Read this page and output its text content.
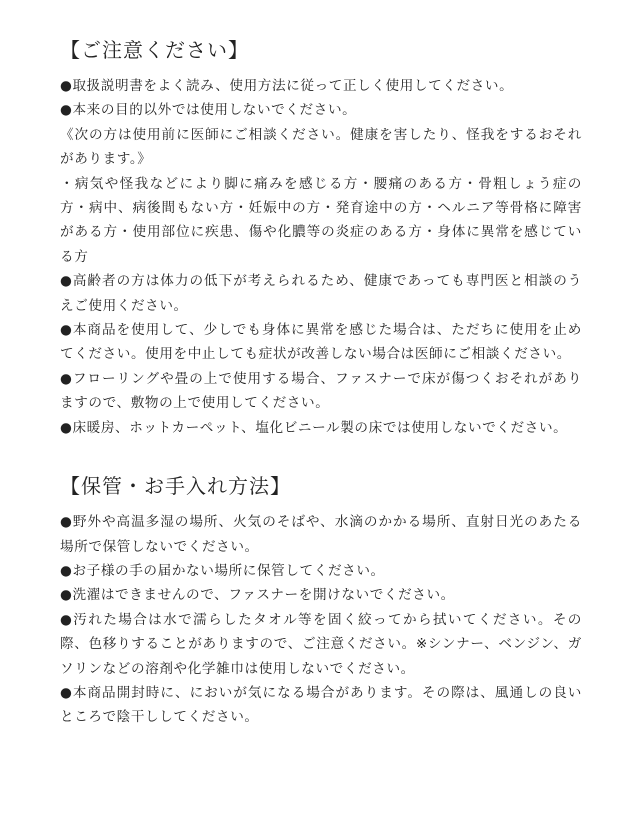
【ご注意ください】

●取扱説明書をよく読み、使用方法に従って正しく使用してください。

●本来の目的以外では使用しないでください。

《次の方は使用前に医師にご相談ください。健康を害したり、怪我をするおそれがあります。》

・病気や怪我などにより脚に痛みを感じる方・腰痛のある方・骨粗しょう症の方・病中、病後間もない方・妊娠中の方・発育途中の方・ヘルニア等骨格に障害がある方・使用部位に疾患、傷や化膿等の炎症のある方・身体に異常を感じている方

●高齢者の方は体力の低下が考えられるため、健康であっても専門医と相談のうえご使用ください。

●本商品を使用して、少しでも身体に異常を感じた場合は、ただちに使用を止めてください。使用を中止しても症状が改善しない場合は医師にご相談ください。

●フローリングや畳の上で使用する場合、ファスナーで床が傷つくおそれがありますので、敷物の上で使用してください。

●床暖房、ホットカーペット、塩化ビニール製の床では使用しないでください。

【保管・お手入れ方法】

●野外や高温多湿の場所、火気のそばや、水滴のかかる場所、直射日光のあたる場所で保管しないでください。

●お子様の手の届かない場所に保管してください。

●洗濯はできませんので、ファスナーを開けないでください。

●汚れた場合は水で濡らしたタオル等を固く絞ってから拭いてください。その際、色移りすることがありますので、ご注意ください。※シンナー、ベンジン、ガソリンなどの溶剤や化学雑巾は使用しないでください。

●本商品開封時に、においが気になる場合があります。その際は、風通しの良いところで陰干ししてください。
